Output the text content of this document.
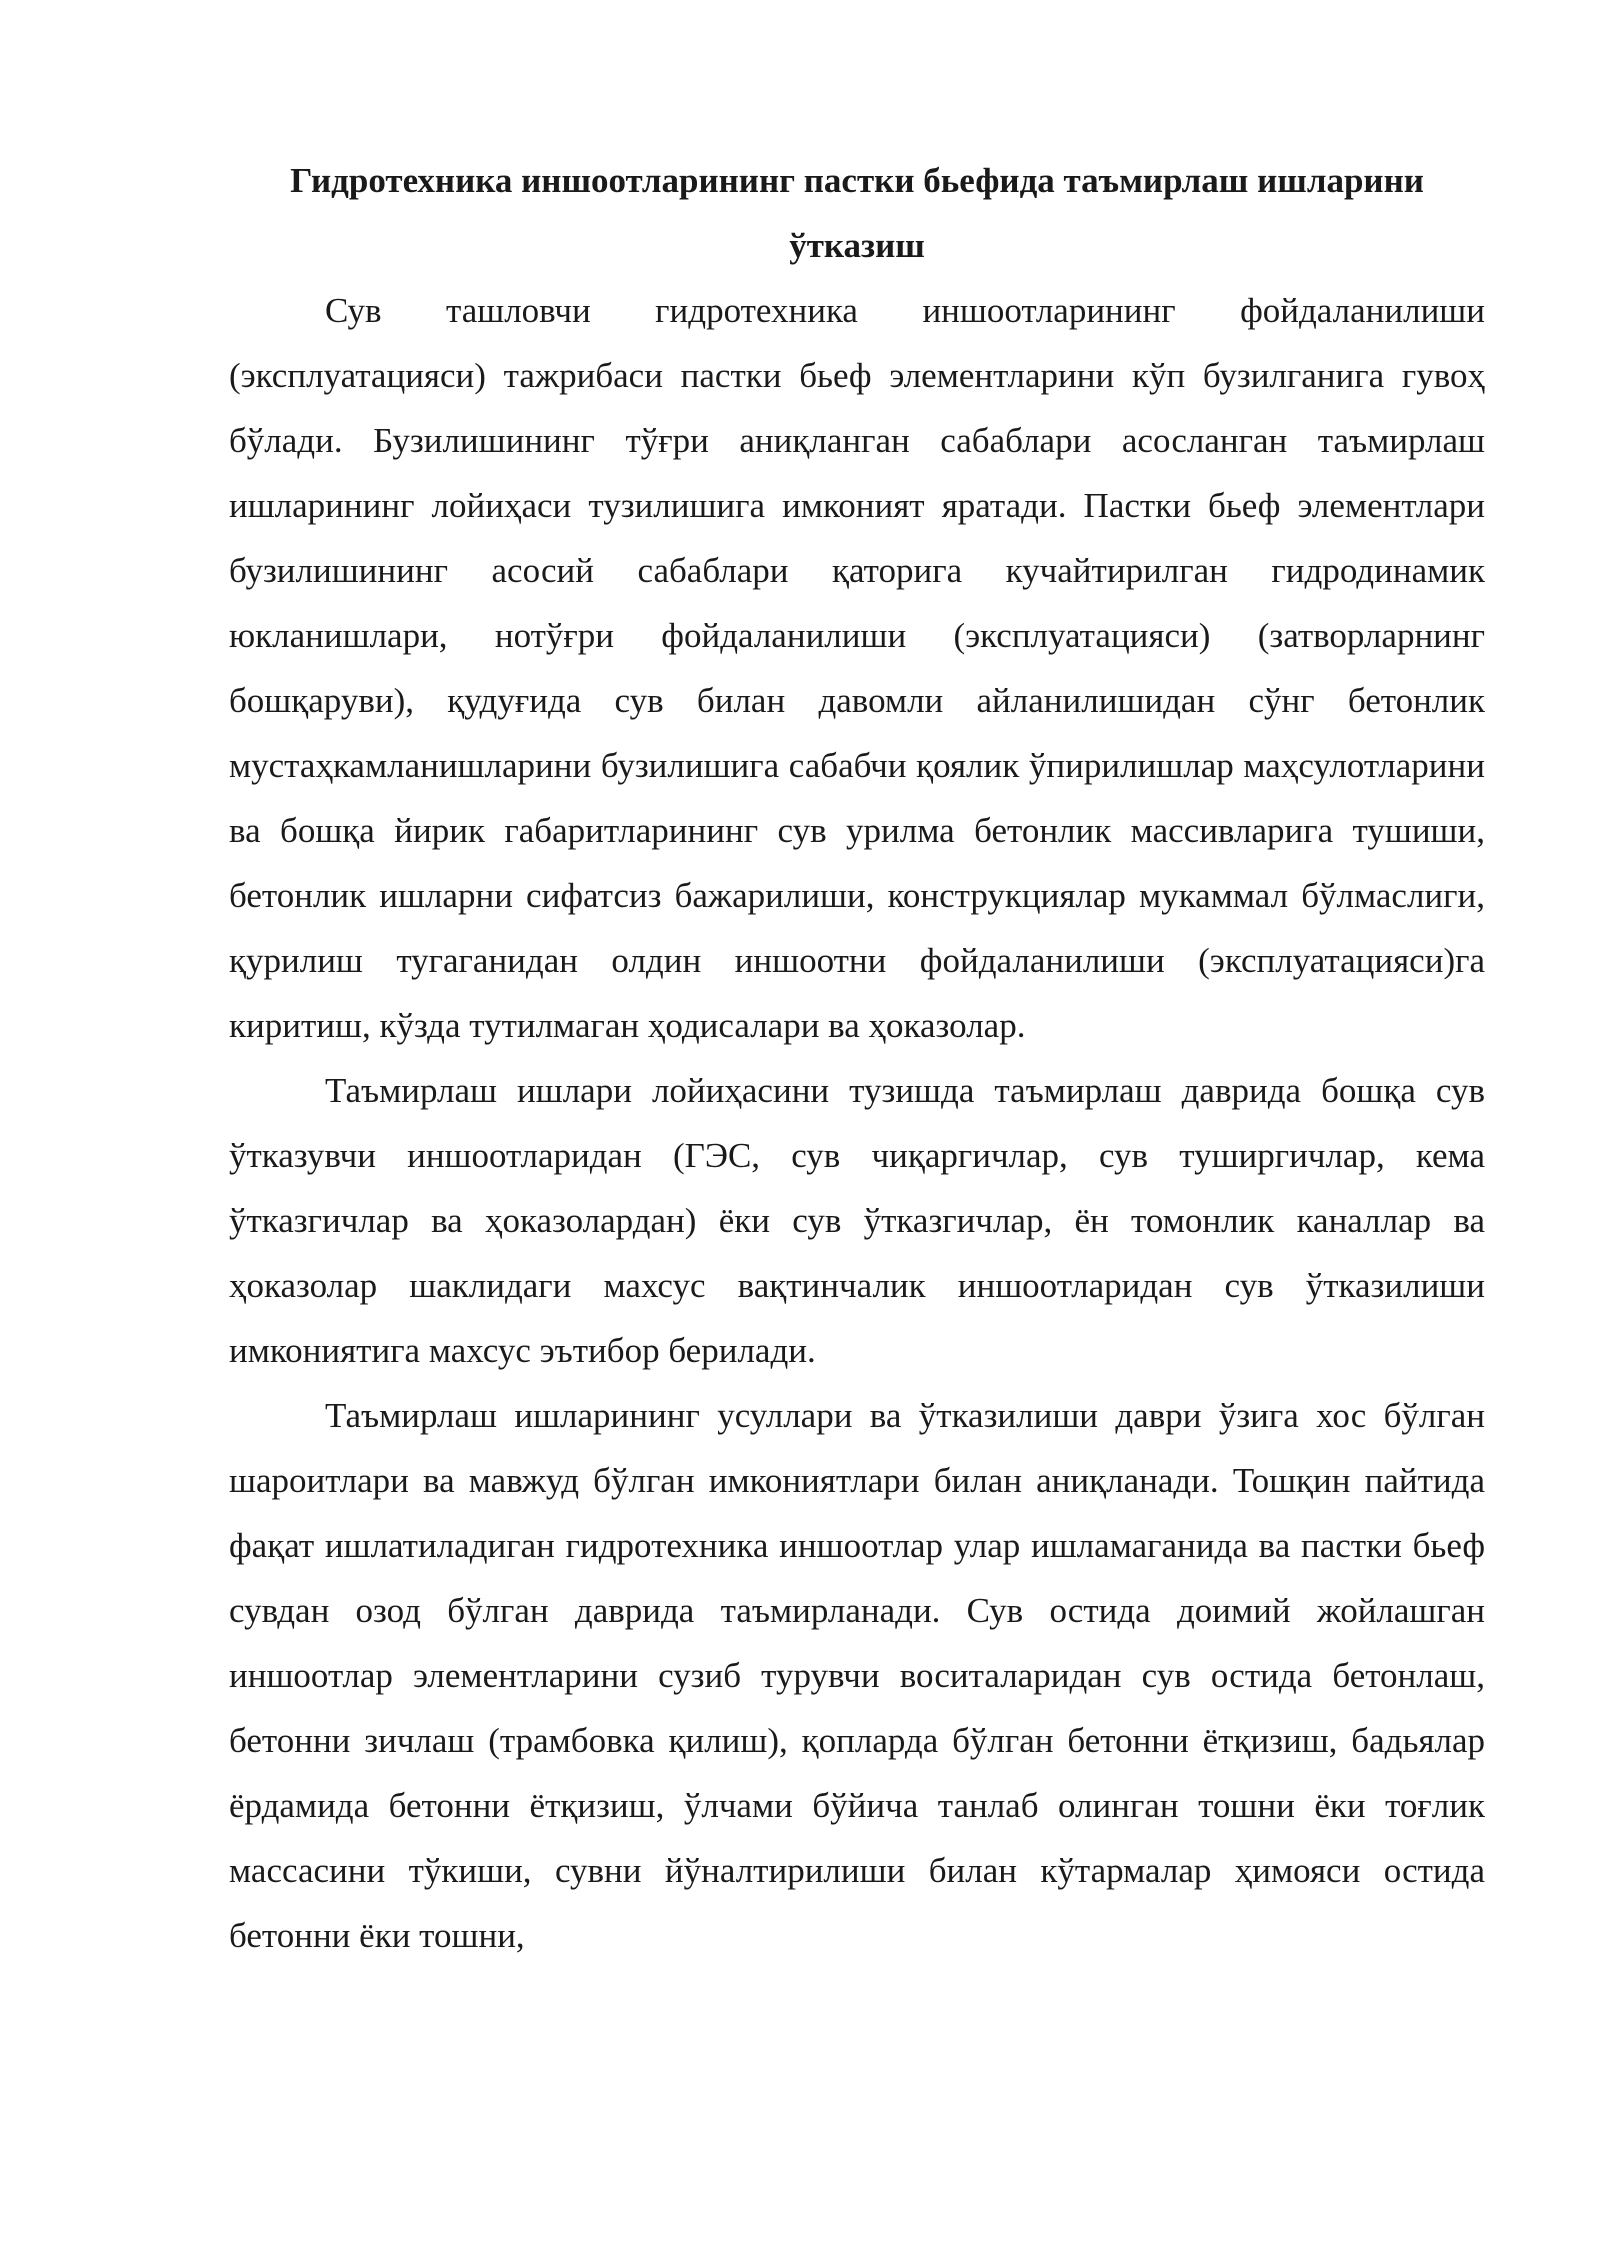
Гидротехника иншоотларининг пастки бьефида таъмирлаш ишларини ўтказиш

Сув ташловчи гидротехника иншоотларининг фойдаланилиши (эксплуатацияси) тажрибаси пастки бьеф элементларини кўп бузилганига гувоҳ бўлади. Бузилишининг тўғри аниқланган сабаблари асосланган таъмирлаш ишларининг лойиҳаси тузилишига имконият яратади. Пастки бьеф элементлари бузилишининг асосий сабаблари қаторига кучайтирилган гидродинамик юкланишлари, нотўғри фойдаланилиши (эксплуатацияси) (затворларнинг бошқаруви), қудуғида сув билан давомли айланилишидан сўнг бетонлик мустаҳкамланишларини бузилишига сабабчи қоялик ўпирилишлар маҳсулотларини ва бошқа йирик габаритларининг сув урилма бетонлик массивларига тушиши, бетонлик ишларни сифатсиз бажарилиши, конструкциялар мукаммал бўлмаслиги, қурилиш тугаганидан олдин иншоотни фойдаланилиши (эксплуатацияси)га киритиш, кўзда тутилмаган ҳодисалари ва ҳоказолар.

Таъмирлаш ишлари лойиҳасини тузишда таъмирлаш даврида бошқа сув ўтказувчи иншоотларидан (ГЭС, сув чиқаргичлар, сув туширгичлар, кема ўтказгичлар ва ҳоказолардан) ёки сув ўтказгичлар, ён томонлик каналлар ва ҳоказолар шаклидаги махсус вақтинчалик иншоотларидан сув ўтказилиши имкониятига махсус эътибор берилади.

Таъмирлаш ишларининг усуллари ва ўтказилиши даври ўзига хос бўлган шароитлари ва мавжуд бўлган имкониятлари билан аниқланади. Тошқин пайтида фақат ишлатиладиган гидротехника иншоотлар улар ишламаганида ва пастки бьеф сувдан озод бўлган даврида таъмирланади. Сув остида доимий жойлашган иншоотлар элементларини сузиб турувчи воситаларидан сув остида бетонлаш, бетонни зичлаш (трамбовка қилиш), қопларда бўлган бетонни ётқизиш, бадьялар ёрдамида бетонни ётқизиш, ўлчами бўйича танлаб олинган тошни ёки тоғлик массасини тўкиши, сувни йўналтирилиши билан кўтармалар ҳимояси остида бетонни ёки тошни,
